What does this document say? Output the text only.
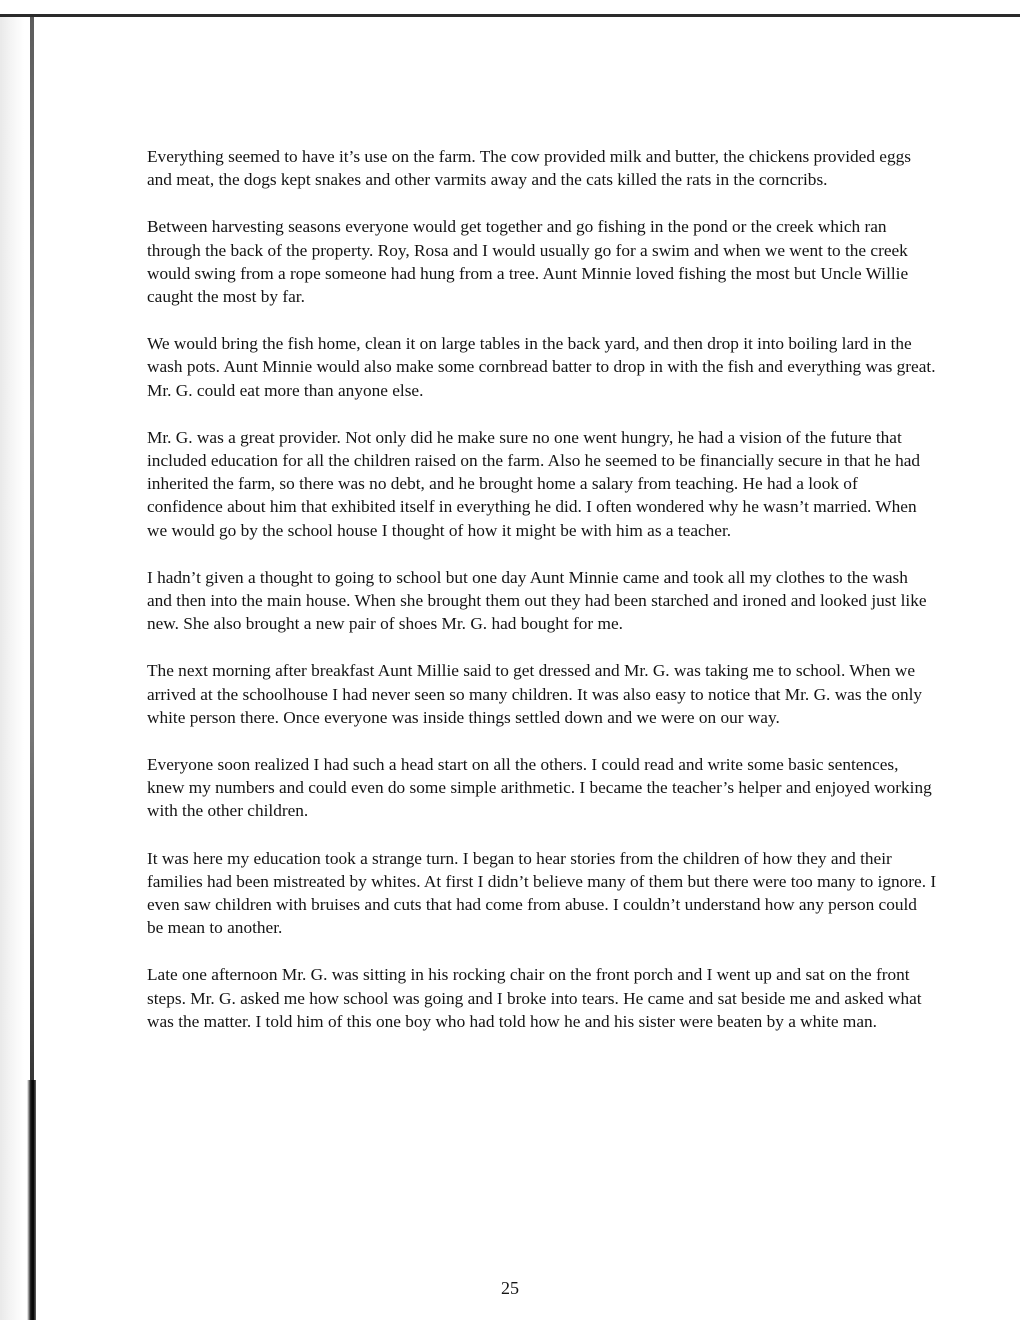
Everything seemed to have it’s use on the farm. The cow provided milk and butter, the chickens provided eggs and meat, the dogs kept snakes and other varmits away and the cats killed the rats in the corncribs.

Between harvesting seasons everyone would get together and go fishing in the pond or the creek which ran through the back of the property. Roy, Rosa and I would usually go for a swim and when we went to the creek would swing from a rope someone had hung from a tree. Aunt Minnie loved fishing the most but Uncle Willie caught the most by far.

We would bring the fish home, clean it on large tables in the back yard, and then drop it into boiling lard in the wash pots. Aunt Minnie would also make some cornbread batter to drop in with the fish and everything was great. Mr. G. could eat more than anyone else.

Mr. G. was a great provider. Not only did he make sure no one went hungry, he had a vision of the future that included education for all the children raised on the farm. Also he seemed to be financially secure in that he had inherited the farm, so there was no debt, and he brought home a salary from teaching. He had a look of confidence about him that exhibited itself in everything he did. I often wondered why he wasn’t married. When we would go by the school house I thought of how it might be with him as a teacher.

I hadn’t given a thought to going to school but one day Aunt Minnie came and took all my clothes to the wash and then into the main house. When she brought them out they had been starched and ironed and looked just like new. She also brought a new pair of shoes Mr. G. had bought for me.

The next morning after breakfast Aunt Millie said to get dressed and Mr. G. was taking me to school. When we arrived at the schoolhouse I had never seen so many children. It was also easy to notice that Mr. G. was the only white person there. Once everyone was inside things settled down and we were on our way.

Everyone soon realized I had such a head start on all the others. I could read and write some basic sentences, knew my numbers and could even do some simple arithmetic. I became the teacher’s helper and enjoyed working with the other children.

It was here my education took a strange turn. I began to hear stories from the children of how they and their families had been mistreated by whites. At first I didn’t believe many of them but there were too many to ignore. I even saw children with bruises and cuts that had come from abuse. I couldn’t understand how any person could be mean to another.

Late one afternoon Mr. G. was sitting in his rocking chair on the front porch and I went up and sat on the front steps. Mr. G. asked me how school was going and I broke into tears. He came and sat beside me and asked what was the matter. I told him of this one boy who had told how he and his sister were beaten by a white man.

25
